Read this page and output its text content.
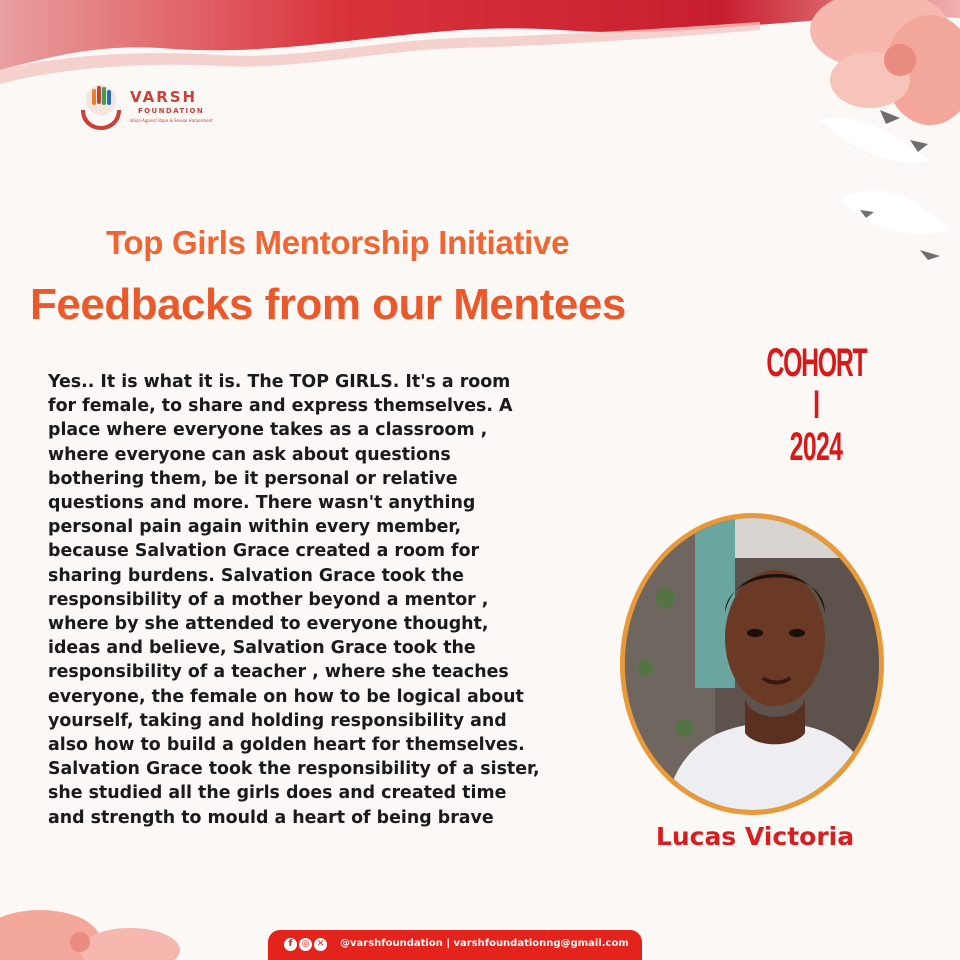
VARSH
FOUNDATION
Voice Against Rape & Sexual Harassment
Top Girls Mentorship Initiative
Feedbacks from our Mentees
COHORT I
2024
Yes.. It is what it is. The TOP GIRLS. It's a room
for female, to share and express themselves. A
place where everyone takes as a classroom ,
where everyone can ask about questions
bothering them, be it personal or relative
questions and more. There wasn't anything
personal pain again within every member,
because Salvation Grace created a room for
sharing burdens. Salvation Grace took the
responsibility of a mother beyond a mentor ,
where by she attended to everyone thought,
ideas and believe, Salvation Grace took the
responsibility of a teacher , where she teaches
everyone, the female on how to be logical about
yourself, taking and holding responsibility and
also how to build a golden heart for themselves.
Salvation Grace took the responsibility of a sister,
she studied all the girls does and created time
and strength to mould a heart of being brave
Lucas Victoria
f	◎ ✕ @varshfoundation | varshfoundationng@gmail.com
